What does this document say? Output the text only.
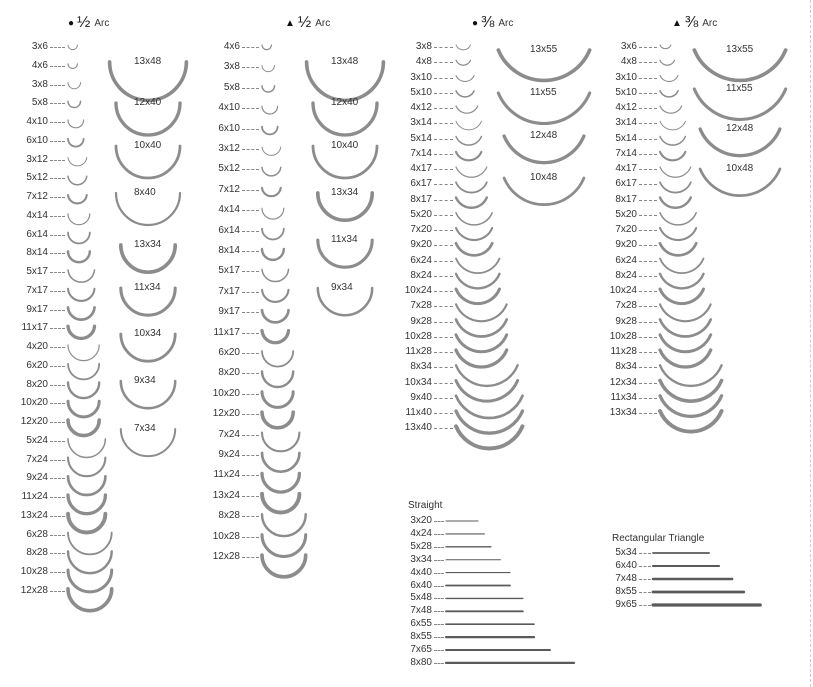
● ½ Arc	▲ ½ Arc	● ⅜ Arc	▲ ⅜ Arc
Straight
Rectangular Triangle
3x6
4x6
3x8
5x8
4x10
6x10
3x12
5x12
7x12
4x14
6x14
8x14
5x17
7x17
9x17
11x17
4x20
6x20
8x20
10x20
12x20
5x24
7x24
9x24
11x24
13x24
6x28
8x28
10x28
12x28
13x48
12x40
10x40
8x40
13x34
11x34
10x34
9x34
7x34
4x6
3x8
5x8
4x10
6x10
3x12
5x12
7x12
4x14
6x14
8x14
5x17
7x17
9x17
11x17
6x20
8x20
10x20
12x20
7x24
9x24
11x24
13x24
8x28
10x28
12x28
13x48
12x40
10x40
13x34
11x34
9x34
3x8
4x8
3x10
5x10
4x12
3x14
5x14
7x14
4x17
6x17
8x17
5x20
7x20
9x20
6x24
8x24
10x24
7x28
9x28
10x28
11x28
8x34
10x34
9x40
11x40
13x40
13x55
11x55
12x48
10x48
3x6
4x8
3x10
5x10
4x12
3x14
5x14
7x14
4x17
6x17
8x17
5x20
7x20
9x20
6x24
8x24
10x24
7x28
9x28
10x28
11x28
8x34
12x34
11x34
13x34
13x55
11x55
12x48
10x48
3x20
4x24
5x28
3x34
4x40
6x40
5x48
7x48
6x55
8x55
7x65
8x80
5x34
6x40
7x48
8x55
9x65
